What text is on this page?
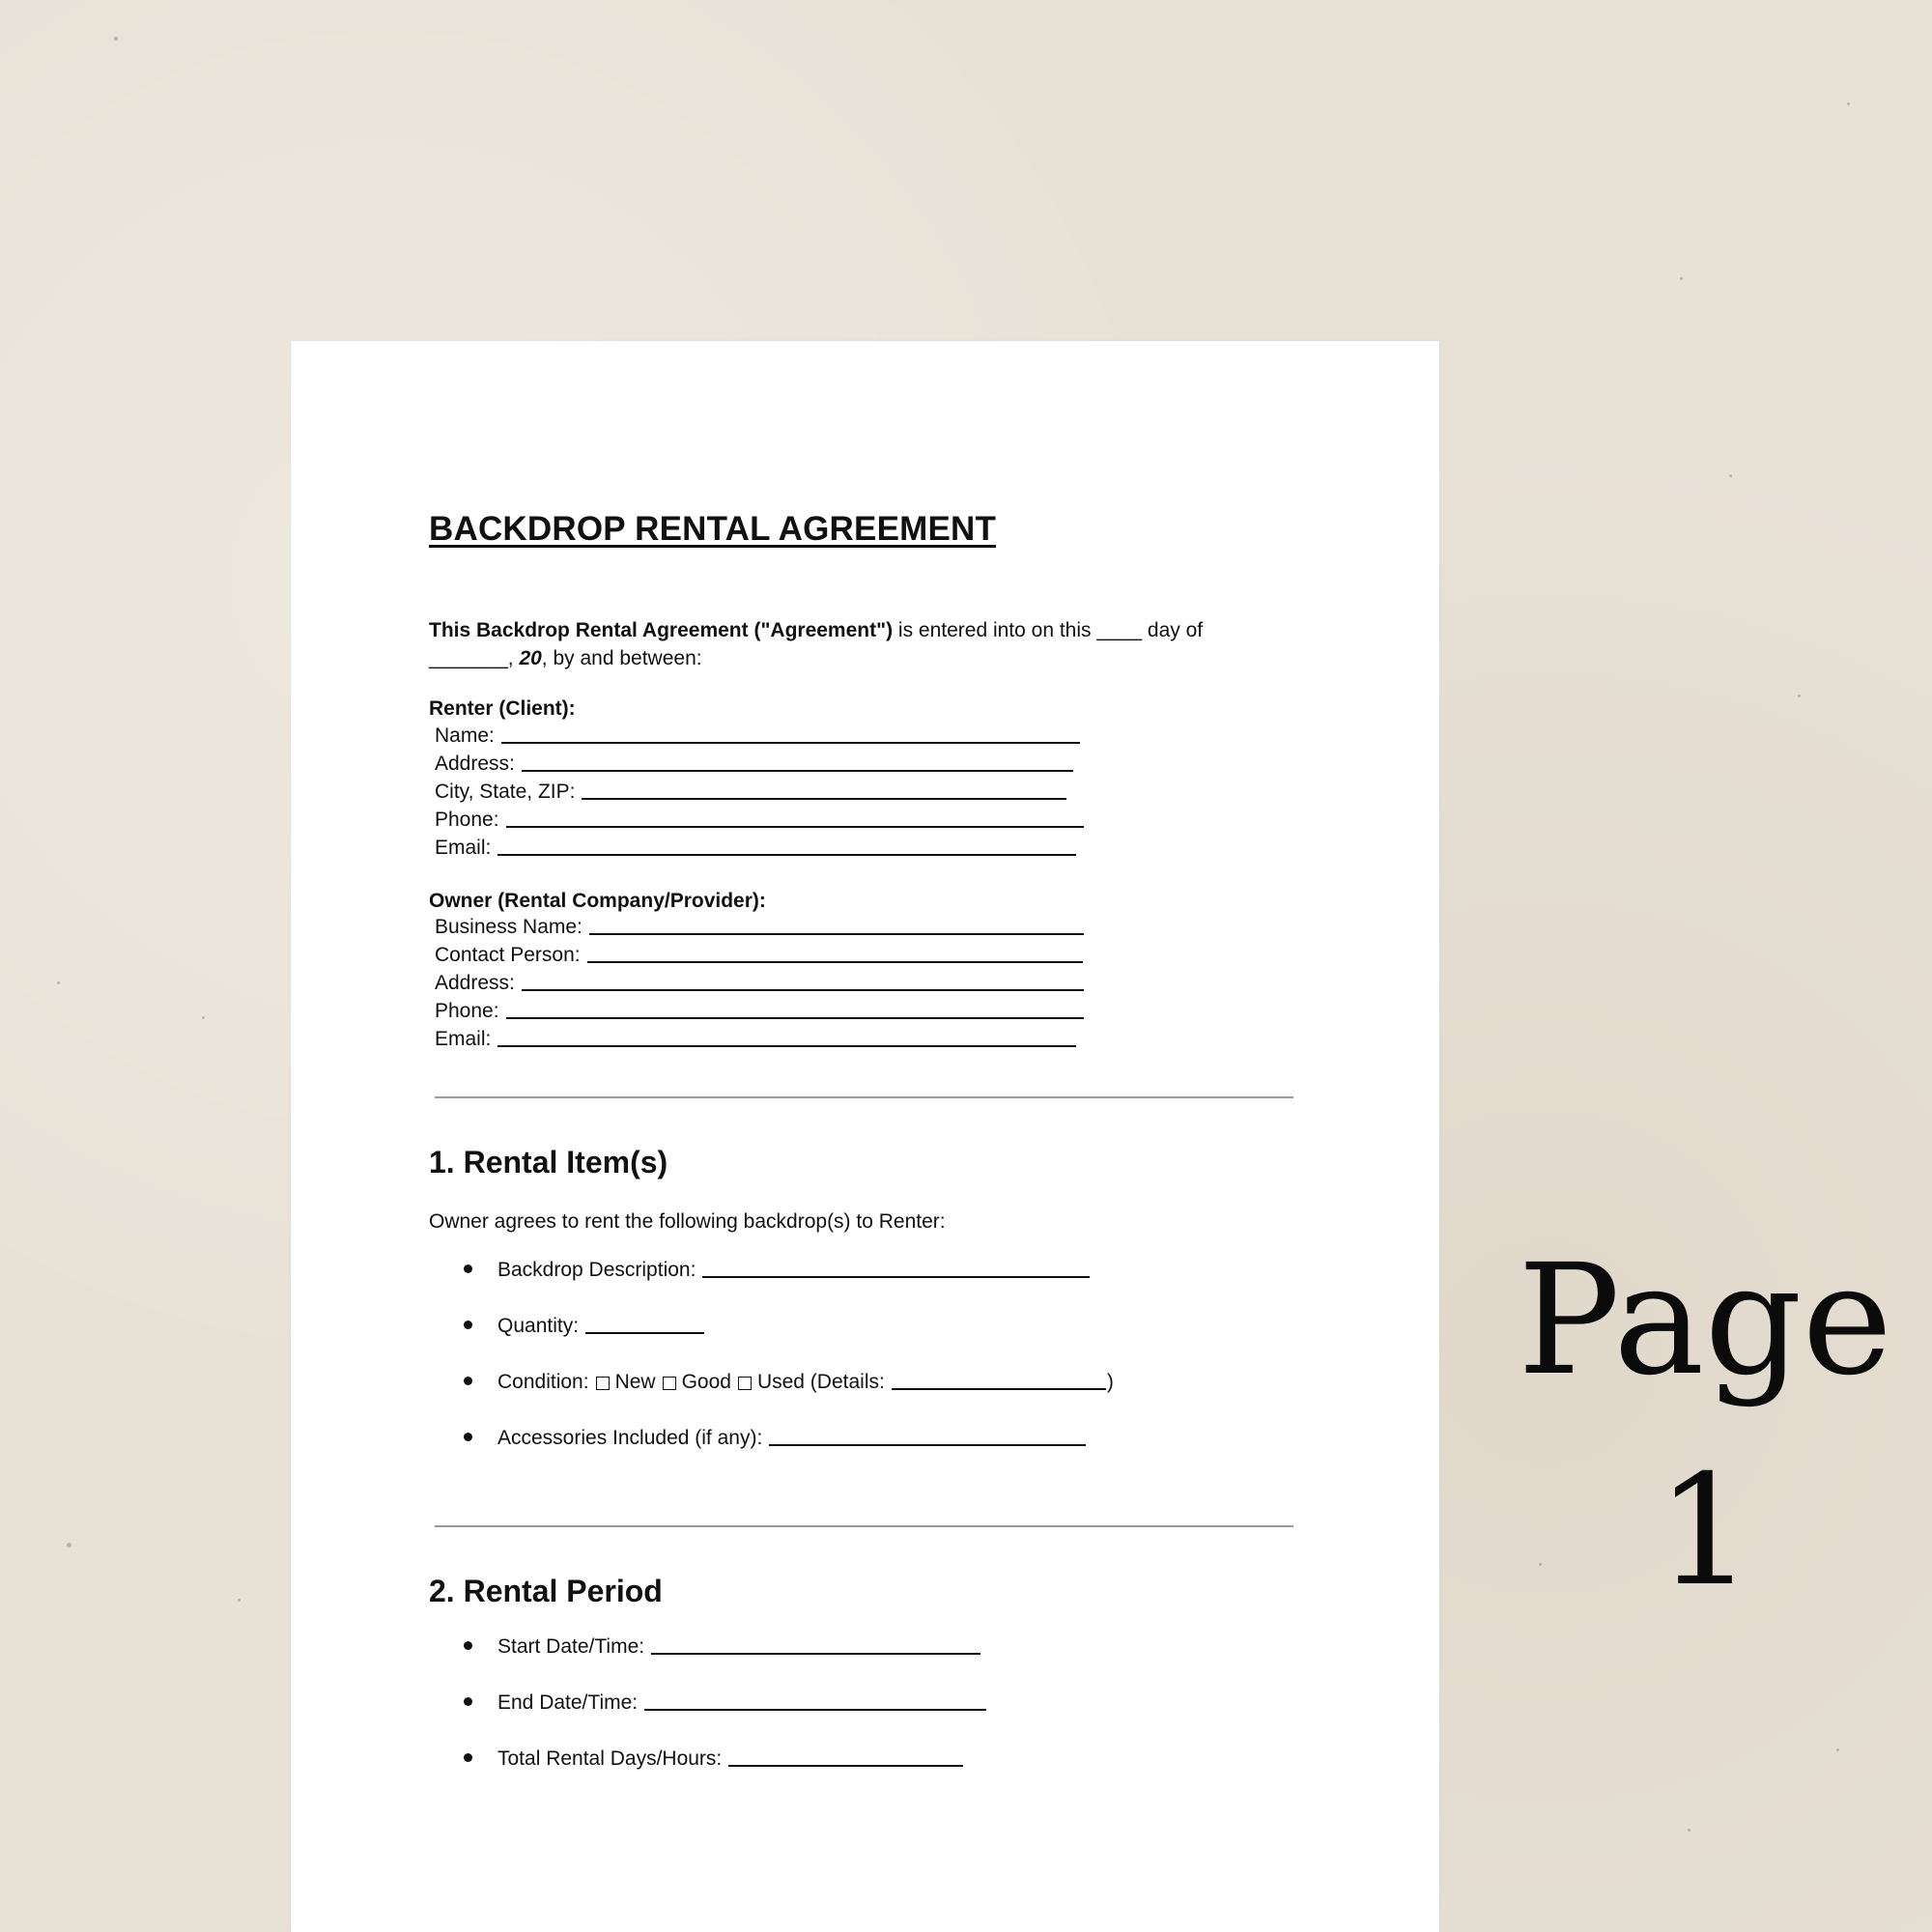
BACKDROP RENTAL AGREEMENT
This Backdrop Rental Agreement ("Agreement") is entered into on this ____ day of
_______, 20, by and between:
Renter (Client):
Name:
Address:
City, State, ZIP:
Phone:
Email:
Owner (Rental Company/Provider):
Business Name:
Contact Person:
Address:
Phone:
Email:
1. Rental Item(s)
Owner agrees to rent the following backdrop(s) to Renter:
Backdrop Description:
Quantity:
Condition: New Good Used (Details:	)
Accessories Included (if any):
2. Rental Period
Start Date/Time:
End Date/Time:
Total Rental Days/Hours:
Page
1
